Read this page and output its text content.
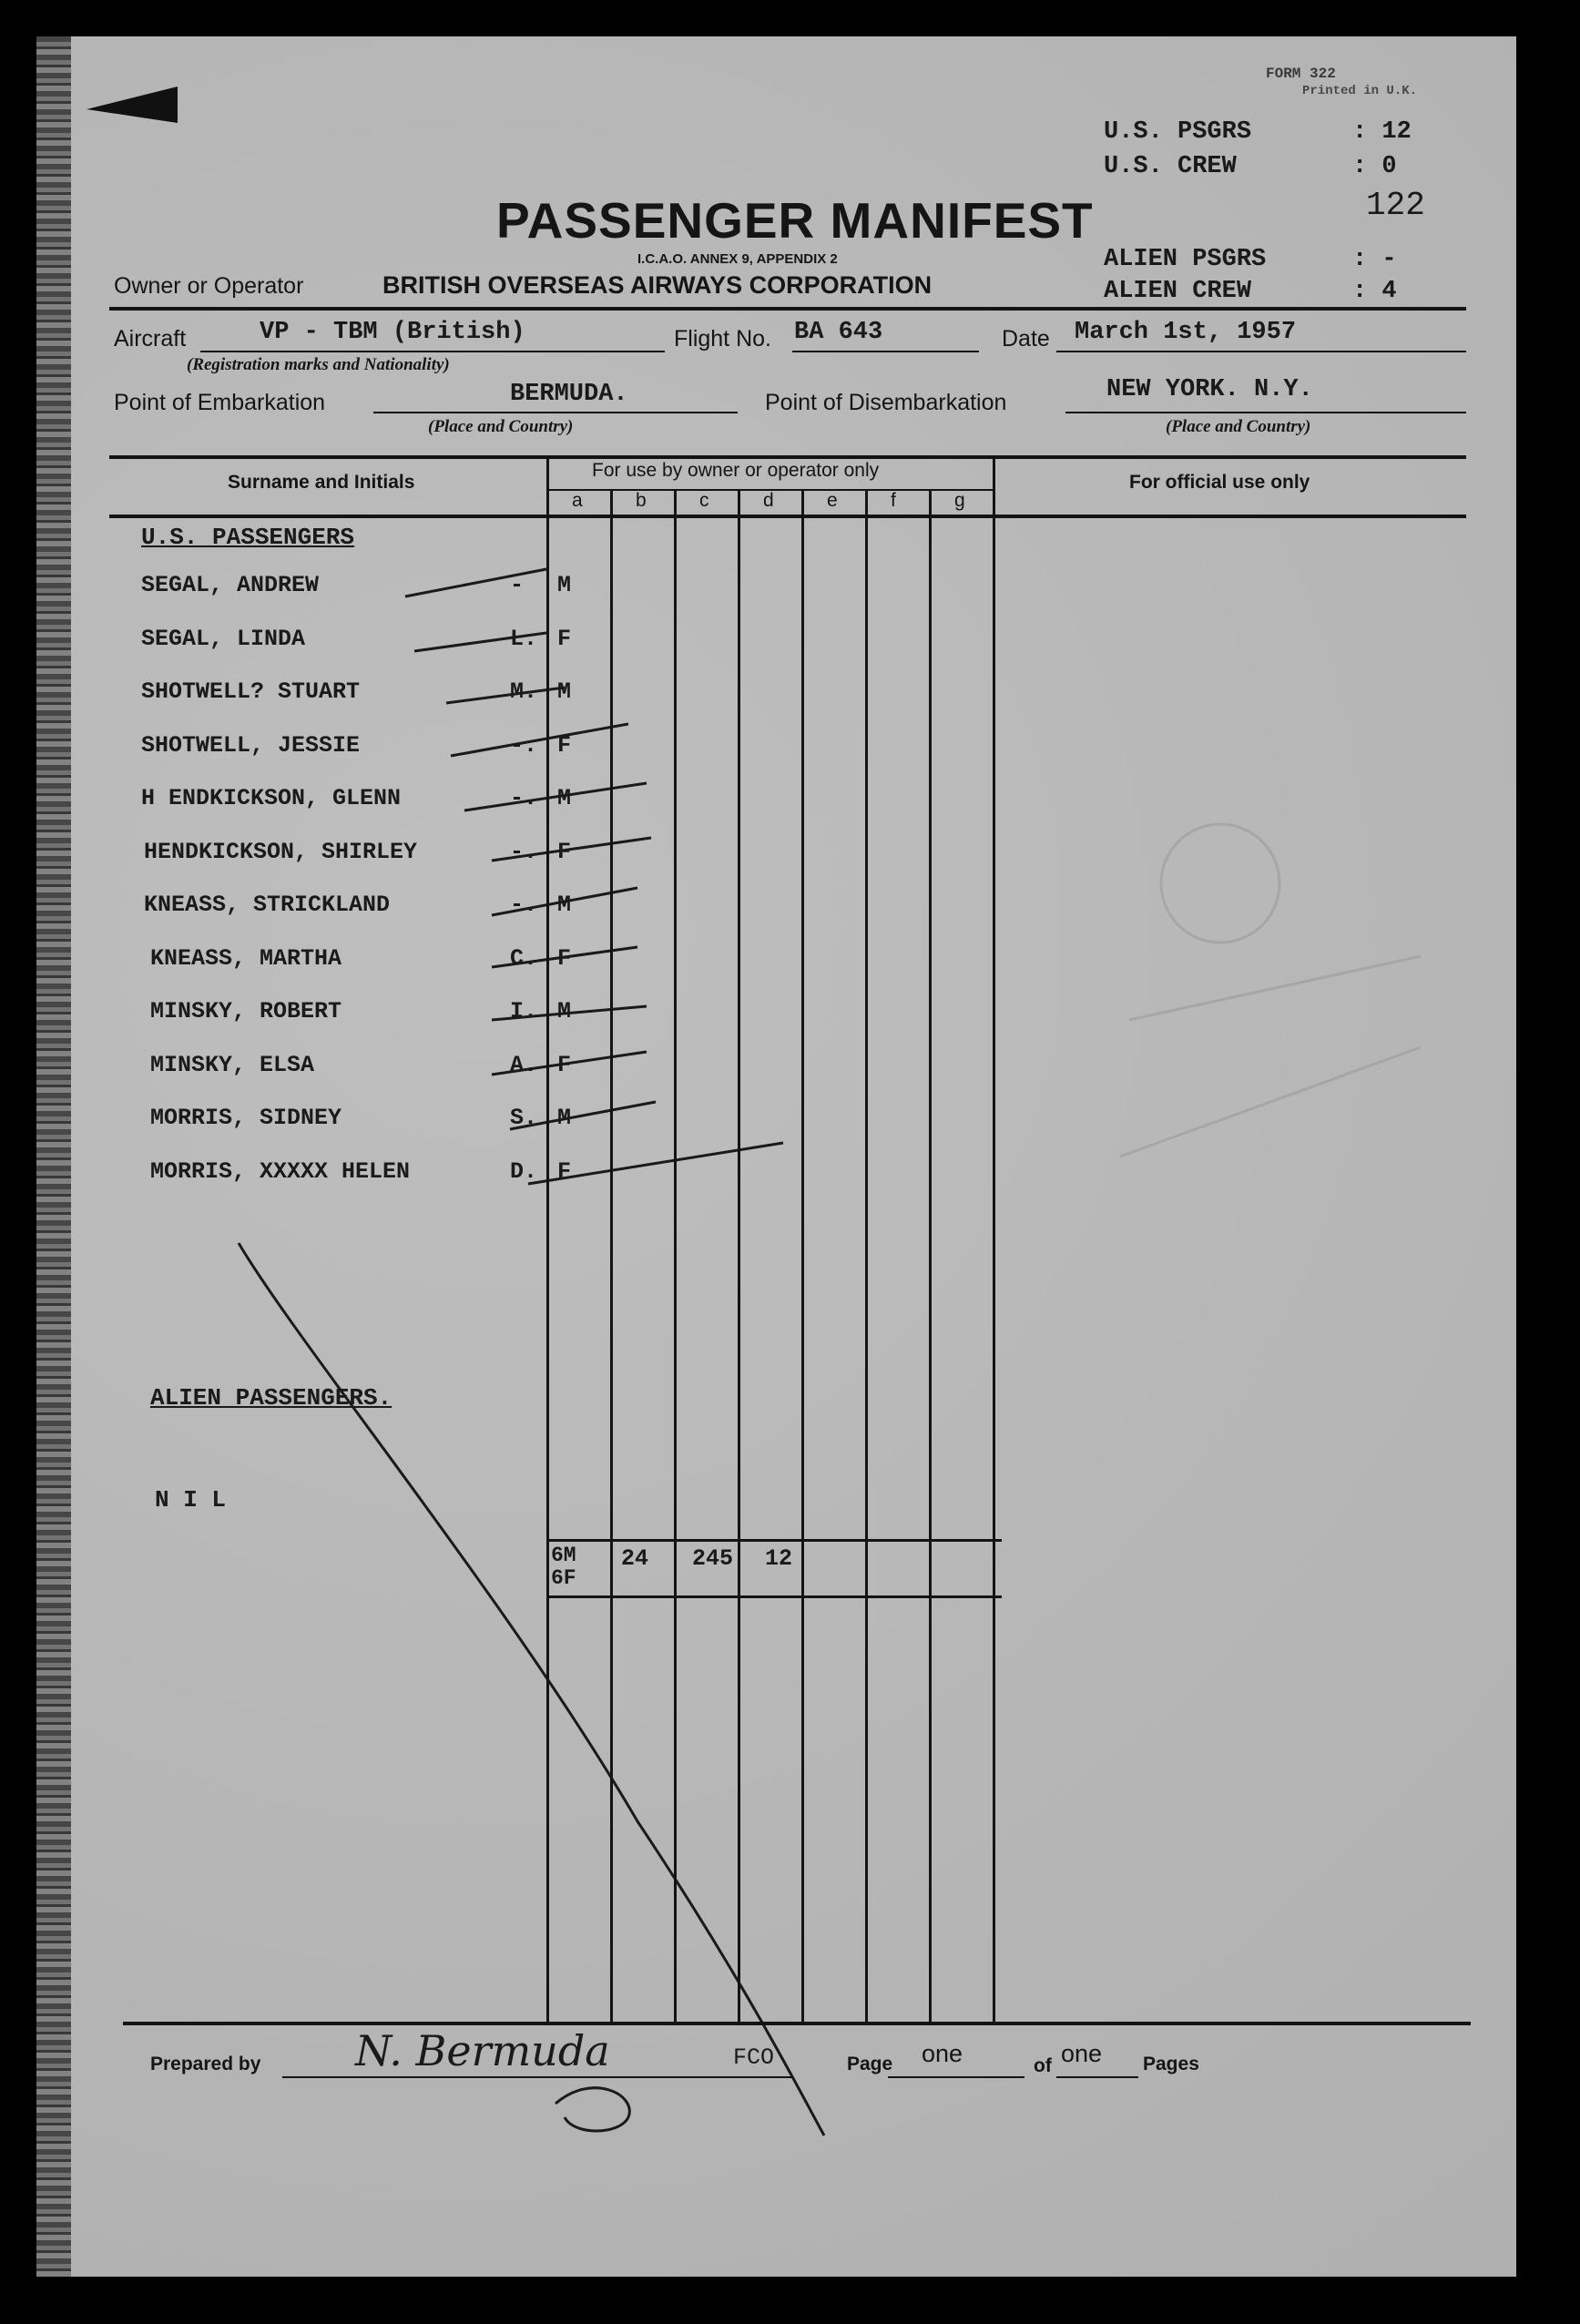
FORM 322
Printed in U.K.
U.S. PSGRS	: 12
U.S. CREW	: 0
122
ALIEN PSGRS	: -
ALIEN CREW	: 4
PASSENGER MANIFEST
I.C.A.O. ANNEX 9, APPENDIX 2
Owner or Operator	BRITISH OVERSEAS AIRWAYS CORPORATION
Aircraft	VP - TBM (British)
(Registration marks and Nationality)
Flight No. BA 643	Date March 1st, 1957
Point of Embarkation	BERMUDA.
(Place and Country)
Point of Disembarkation	NEW YORK. N.Y.
(Place and Country)
Surname and Initials
For use by owner or operator only
For official use only
a	b	c	d	e	f	g
U.S. PASSENGERS
SEGAL, ANDREW	- M
SEGAL, LINDA	L. F
SHOTWELL? STUART	M. M
SHOTWELL, JESSIE	-. F
H ENDKICKSON, GLENN	-. M
HENDKICKSON, SHIRLEY	-. F
KNEASS, STRICKLAND	-. M
KNEASS, MARTHA	C. F
MINSKY, ROBERT	I. M
MINSKY, ELSA	A. F
MORRIS, SIDNEY	S. M
MORRIS, XXXXX HELEN	D. F
ALIEN PASSENGERS.
N I L
6M
6F
24 245 12
Prepared by N. Bermuda	FCO	Page one	of one Pages
